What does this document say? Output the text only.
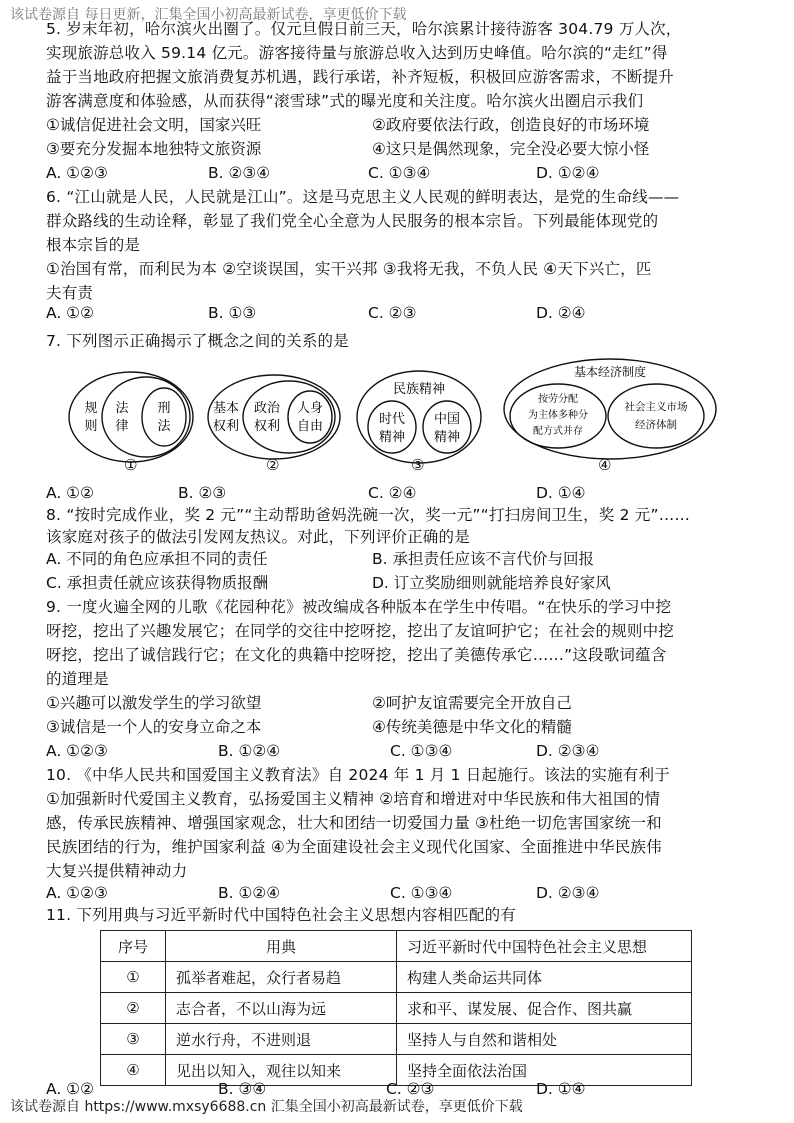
该试卷源自 每日更新，汇集全国小初高最新试卷，享更低价下载
5. 岁末年初，哈尔滨火出圈了。仅元旦假日前三天，哈尔滨累计接待游客 304.79 万人次，
实现旅游总收入 59.14 亿元。游客接待量与旅游总收入达到历史峰值。哈尔滨的“走红”得
益于当地政府把握文旅消费复苏机遇，践行承诺，补齐短板，积极回应游客需求，不断提升
游客满意度和体验感，从而获得“滚雪球”式的曝光度和关注度。哈尔滨火出圈启示我们
①诚信促进社会文明，国家兴旺	②政府要依法行政，创造良好的市场环境
③要充分发掘本地独特文旅资源	④这只是偶然现象，完全没必要大惊小怪
A. ①②③	B. ②③④	C. ①③④	D. ①②④
6. “江山就是人民，人民就是江山”。这是马克思主义人民观的鲜明表达，是党的生命线——
群众路线的生动诠释，彰显了我们党全心全意为人民服务的根本宗旨。下列最能体现党的
根本宗旨的是
①治国有常，而利民为本 ②空谈误国，实干兴邦 ③我将无我，不负人民 ④天下兴亡，匹
夫有责
A. ①②	B. ①③	C. ②③	D. ②④
7. 下列图示正确揭示了概念之间的关系的是
规
则
法
律
刑
法
①
基本
权利
政治
权利
人身
自由
②
民族精神
时代
精神
中国
精神
③
基本经济制度
按劳分配
为主体多种分
配方式并存
社会主义市场
经济体制
④
A. ①②	B. ②③	C. ②④	D. ①④
8. “按时完成作业，奖 2 元”“主动帮助爸妈洗碗一次，奖一元”“打扫房间卫生，奖 2 元”……
该家庭对孩子的做法引发网友热议。对此，下列评价正确的是
A. 不同的角色应承担不同的责任	B. 承担责任应该不言代价与回报
C. 承担责任就应该获得物质报酬	D. 订立奖励细则就能培养良好家风
9. 一度火遍全网的儿歌《花园种花》被改编成各种版本在学生中传唱。“在快乐的学习中挖
呀挖，挖出了兴趣发展它；在同学的交往中挖呀挖，挖出了友谊呵护它；在社会的规则中挖
呀挖，挖出了诚信践行它；在文化的典籍中挖呀挖，挖出了美德传承它……”这段歌词蕴含
的道理是
①兴趣可以激发学生的学习欲望	②呵护友谊需要完全开放自己
③诚信是一个人的安身立命之本	④传统美德是中华文化的精髓
A. ①②③	B. ①②④	C. ①③④	D. ②③④
10. 《中华人民共和国爱国主义教育法》自 2024 年 1 月 1 日起施行。该法的实施有利于
①加强新时代爱国主义教育，弘扬爱国主义精神 ②培育和增进对中华民族和伟大祖国的情
感，传承民族精神、增强国家观念，壮大和团结一切爱国力量 ③杜绝一切危害国家统一和
民族团结的行为，维护国家利益 ④为全面建设社会主义现代化国家、全面推进中华民族伟
大复兴提供精神动力
A. ①②③	B. ①②④	C. ①③④	D. ②③④
11. 下列用典与习近平新时代中国特色社会主义思想内容相匹配的有
序号	用典	习近平新时代中国特色社会主义思想
①	孤举者难起，众行者易趋	构建人类命运共同体
②	志合者，不以山海为远	求和平、谋发展、促合作、图共赢
③	逆水行舟，不进则退	坚持人与自然和谐相处
④	见出以知入，观往以知来	坚持全面依法治国
A. ①②	B. ③④	C. ②③	D. ①④
该试卷源自 https://www.mxsy6688.cn 汇集全国小初高最新试卷，享更低价下载
